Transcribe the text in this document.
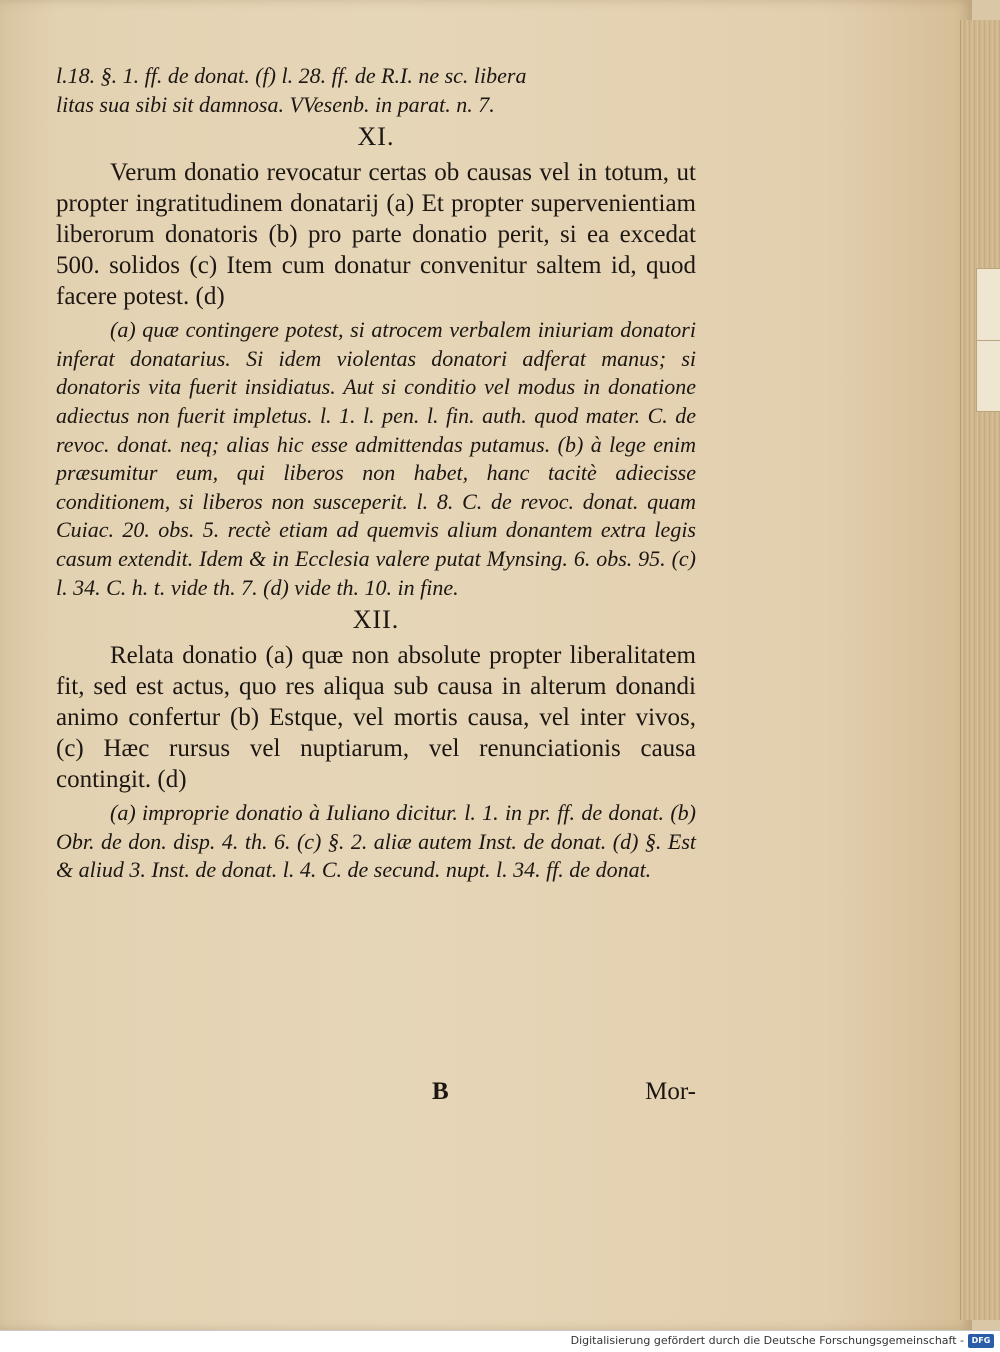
l.18. §. 1. ff. de donat. (f) l. 28. ff. de R.I. ne sc. libera

litas sua sibi sit damnosa. VVesenb. in parat. n. 7.

XI.

Verum donatio revocatur certas ob causas vel in totum, ut propter ingratitudinem donatarij (a) Et propter supervenientiam liberorum donatoris (b) pro parte donatio perit, si ea excedat 500. solidos (c) Item cum donatur convenitur saltem id, quod facere potest. (d)

(a) quæ contingere potest, si atrocem verbalem iniuriam donatori inferat donatarius. Si idem violentas donatori adferat manus; si donatoris vita fuerit insidiatus. Aut si conditio vel modus in donatione adiectus non fuerit impletus. l. 1. l. pen. l. fin. auth. quod mater. C. de revoc. donat. neq; alias hic esse admittendas putamus. (b) à lege enim præsumitur eum, qui liberos non habet, hanc tacitè adiecisse conditionem, si liberos non susceperit. l. 8. C. de revoc. donat. quam Cuiac. 20. obs. 5. rectè etiam ad quemvis alium donantem extra legis casum extendit. Idem & in Ecclesia valere putat Mynsing. 6. obs. 95. (c) l. 34. C. h. t. vide th. 7. (d) vide th. 10. in fine.

XII.

Relata donatio (a) quæ non absolute propter liberalitatem fit, sed est actus, quo res aliqua sub causa in alterum donandi animo confertur (b) Estque, vel mortis causa, vel inter vivos, (c) Hæc rursus vel nuptiarum, vel renunciationis causa contingit. (d)

(a) improprie donatio à Iuliano dicitur. l. 1. in pr. ff. de donat. (b) Obr. de don. disp. 4. th. 6. (c) §. 2. aliæ autem Inst. de donat. (d) §. Est & aliud 3. Inst. de donat. l. 4. C. de secund. nupt. l. 34. ff. de donat.

B	Mor-
Digitalisierung gefördert durch die Deutsche Forschungsgemeinschaft - DFG
